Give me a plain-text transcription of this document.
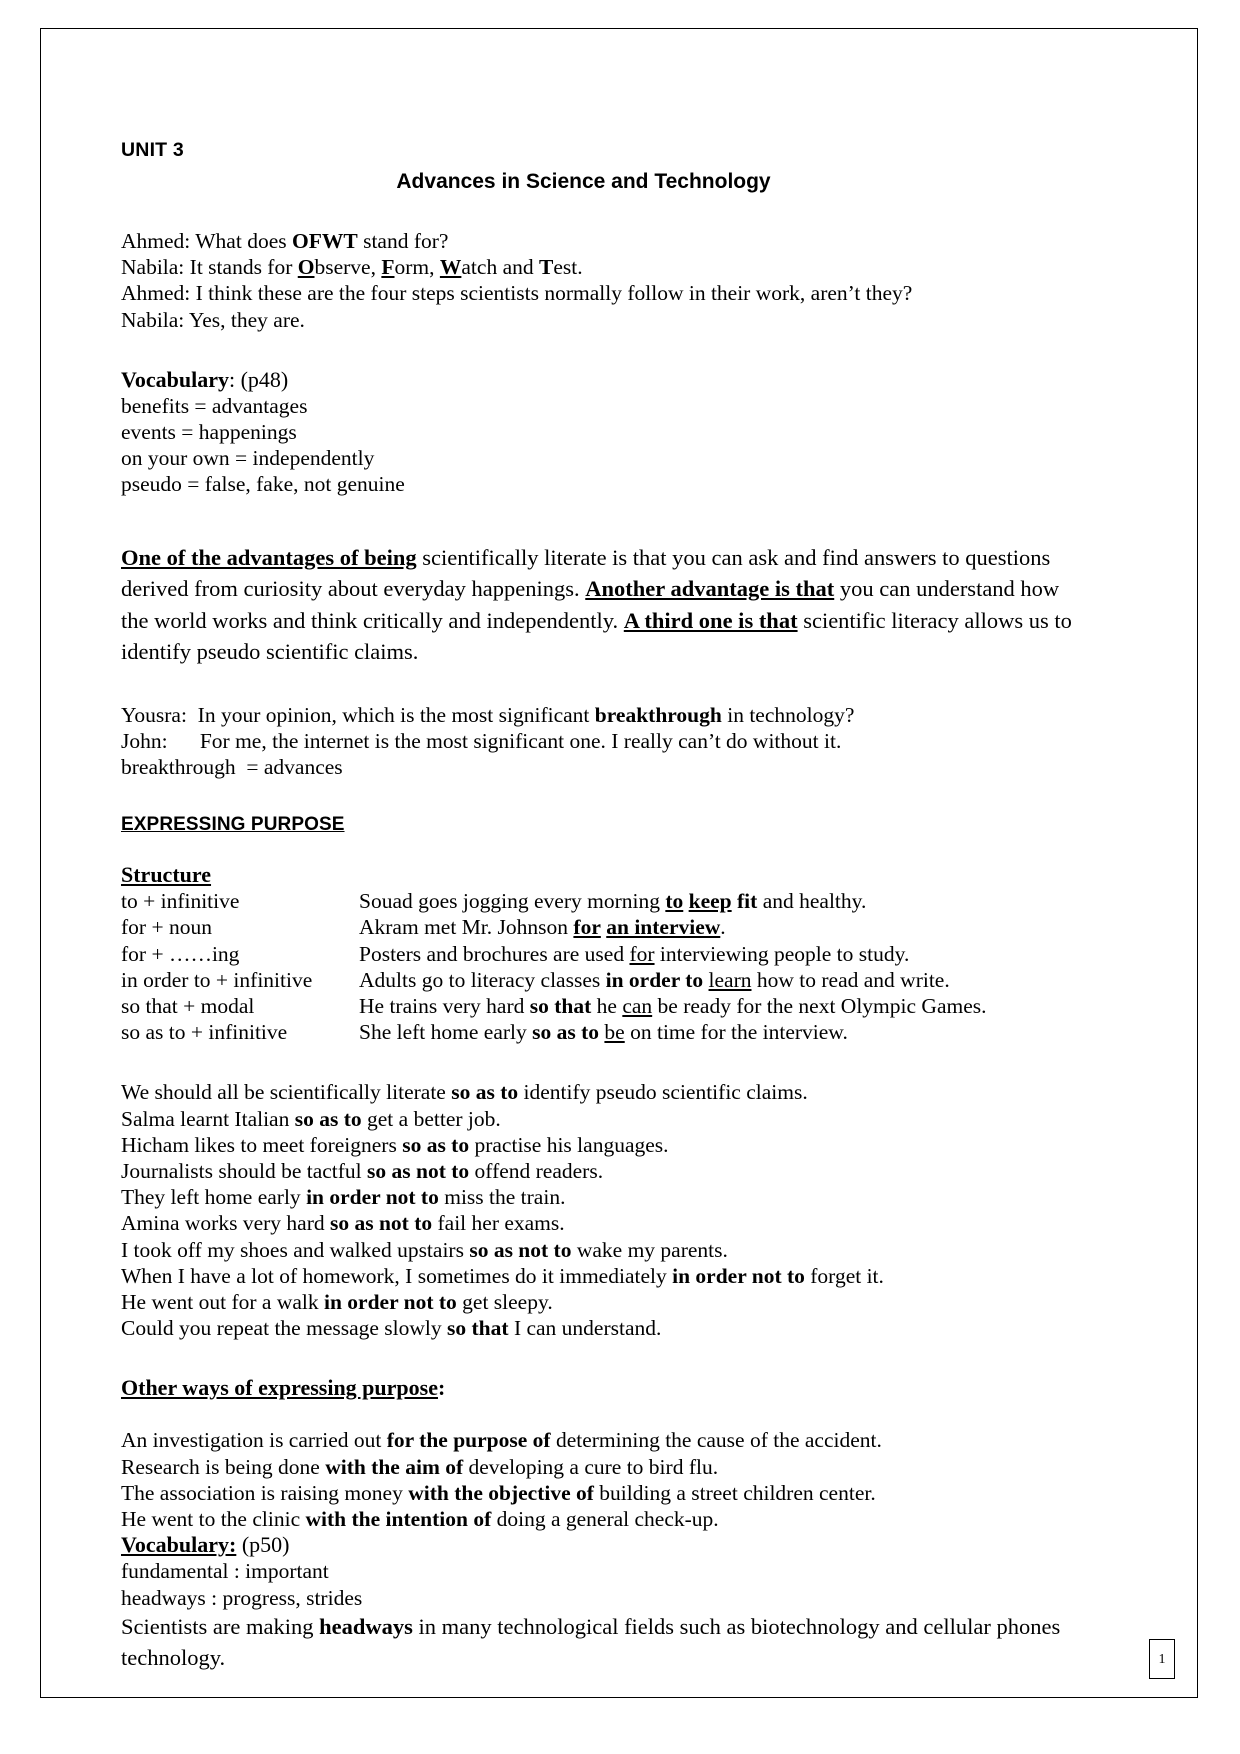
UNIT 3
Advances in Science and Technology

Ahmed: What does OFWT stand for?

Nabila: It stands for Observe, Form, Watch and Test.

Ahmed: I think these are the four steps scientists normally follow in their work, aren’t they?

Nabila: Yes, they are.

Vocabulary: (p48)

benefits = advantages

events = happenings

on your own = independently

pseudo = false, fake, not genuine

One of the advantages of being scientifically literate is that you can ask and find answers to questions derived from curiosity about everyday happenings. Another advantage is that you can understand how the world works and think critically and independently. A third one is that scientific literacy allows us to identify pseudo scientific claims.

Yousra:  In your opinion, which is the most significant breakthrough in technology?

John:      For me, the internet is the most significant one. I really can’t do without it.

breakthrough  = advances

EXPRESSING PURPOSE

Structure

to + infinitive	Souad goes jogging every morning to keep fit and healthy.
for + noun	Akram met Mr. Johnson for an interview.
for + ……ing	Posters and brochures are used for interviewing people to study.
in order to + infinitive	Adults go to literacy classes in order to learn how to read and write.
so that + modal	He trains very hard so that he can be ready for the next Olympic Games.
so as to + infinitive	She left home early so as to be on time for the interview.

We should all be scientifically literate so as to identify pseudo scientific claims.

Salma learnt Italian so as to get a better job.

Hicham likes to meet foreigners so as to practise his languages.

Journalists should be tactful so as not to offend readers.

They left home early in order not to miss the train.

Amina works very hard so as not to fail her exams.

I took off my shoes and walked upstairs so as not to wake my parents.

When I have a lot of homework, I sometimes do it immediately in order not to forget it.

He went out for a walk in order not to get sleepy.

Could you repeat the message slowly so that I can understand.

Other ways of expressing purpose:

An investigation is carried out for the purpose of determining the cause of the accident.

Research is being done with the aim of developing a cure to bird flu.

The association is raising money with the objective of building a street children center.

He went to the clinic with the intention of doing a general check-up.

Vocabulary: (p50)

fundamental : important

headways : progress, strides

Scientists are making headways in many technological fields such as biotechnology and cellular phones technology.	1
